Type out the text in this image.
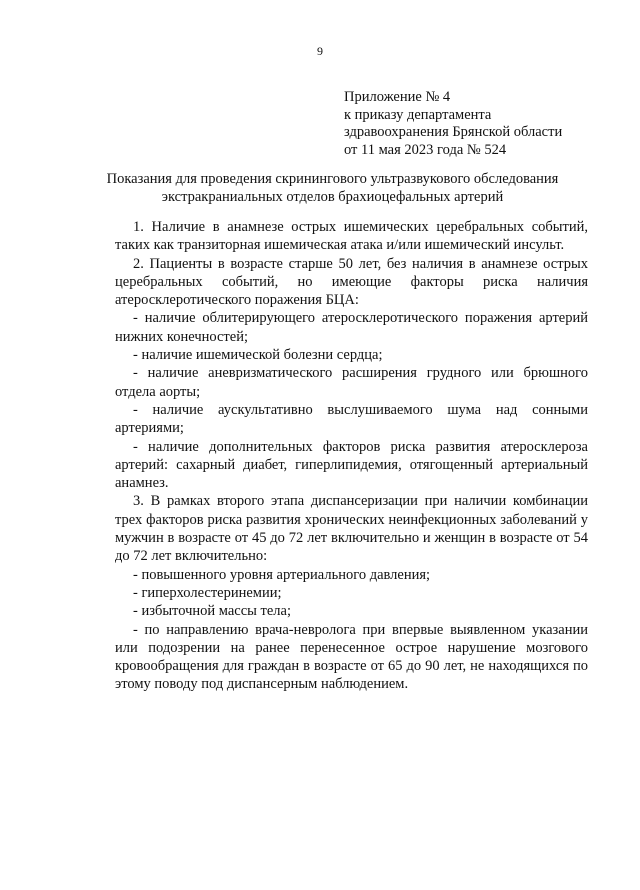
9
Приложение № 4
к приказу департамента
здравоохранения Брянской области
от 11 мая 2023 года № 524
Показания для проведения скринингового ультразвукового обследования
экстракраниальных отделов брахиоцефальных артерий

1. Наличие в анамнезе острых ишемических церебральных событий, таких как транзиторная ишемическая атака и/или ишемический инсульт.

2. Пациенты в возрасте старше 50 лет, без наличия в анамнезе острых церебральных событий, но имеющие факторы риска наличия атеросклеротического поражения БЦА:

- наличие облитерирующего атеросклеротического поражения артерий нижних конечностей;

- наличие ишемической болезни сердца;

- наличие аневризматического расширения грудного или брюшного отдела аорты;

- наличие аускультативно выслушиваемого шума над сонными артериями;

- наличие дополнительных факторов риска развития атеросклероза артерий: сахарный диабет, гиперлипидемия, отягощенный артериальный анамнез.

3. В рамках второго этапа диспансеризации при наличии комбинации трех факторов риска развития хронических неинфекционных заболеваний у мужчин в возрасте от 45 до 72 лет включительно и женщин в возрасте от 54 до 72 лет включительно:

- повышенного уровня артериального давления;

- гиперхолестеринемии;

- избыточной массы тела;

- по направлению врача-невролога при впервые выявленном указании или подозрении на ранее перенесенное острое нарушение мозгового кровообращения для граждан в возрасте от 65 до 90 лет, не находящихся по этому поводу под диспансерным наблюдением.
